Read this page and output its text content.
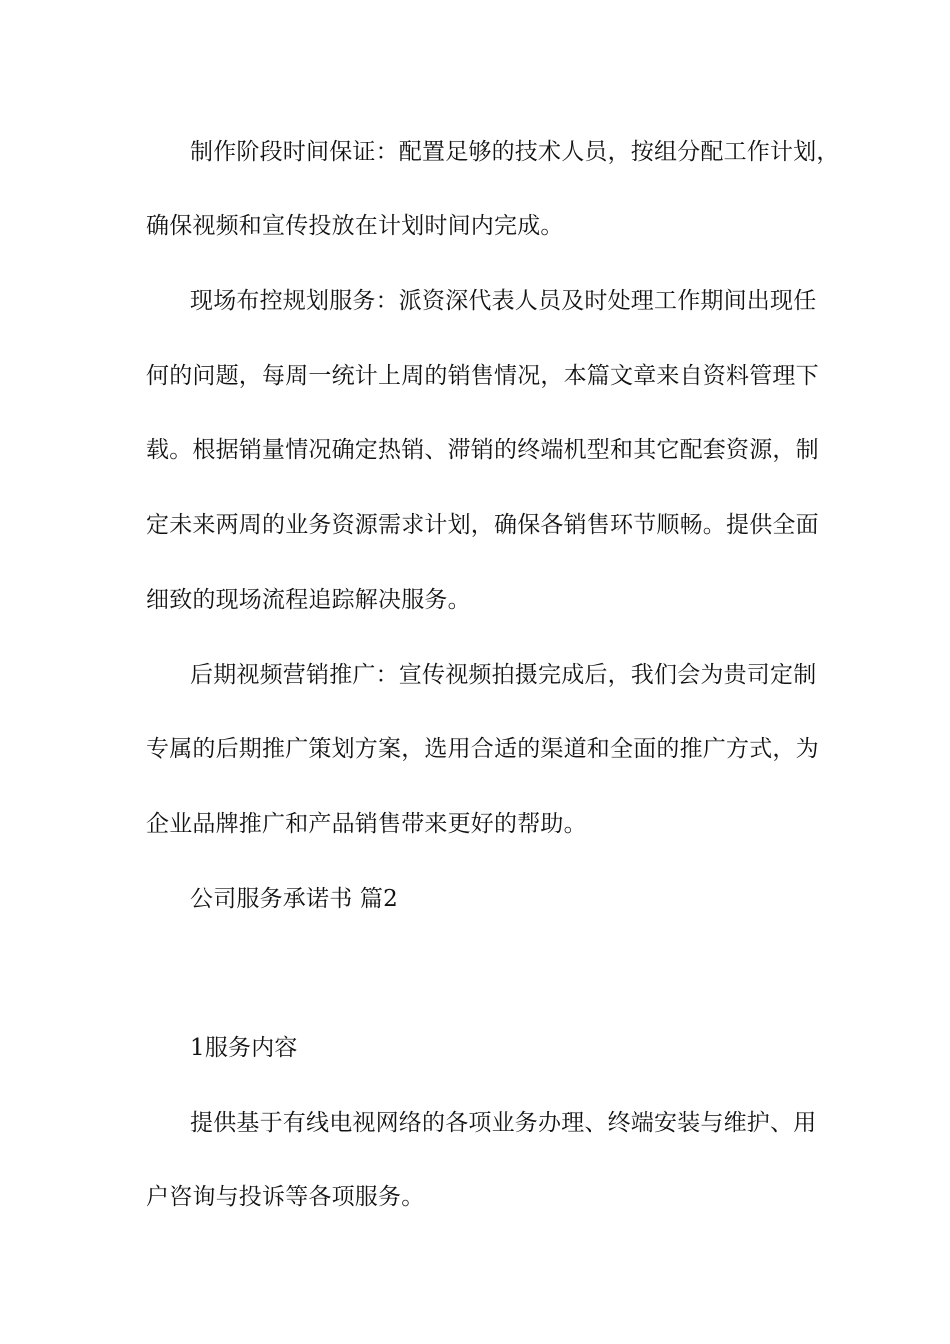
制作阶段时间保证：配置足够的技术人员，按组分配工作计划，
确保视频和宣传投放在计划时间内完成。
现场布控规划服务：派资深代表人员及时处理工作期间出现任
何的问题，每周一统计上周的销售情况，本篇文章来自资料管理下
载。根据销量情况确定热销、滞销的终端机型和其它配套资源，制
定未来两周的业务资源需求计划，确保各销售环节顺畅。提供全面
细致的现场流程追踪解决服务。
后期视频营销推广：宣传视频拍摄完成后，我们会为贵司定制
专属的后期推广策划方案，选用合适的渠道和全面的推广方式，为
企业品牌推广和产品销售带来更好的帮助。
公司服务承诺书 篇2
1服务内容
提供基于有线电视网络的各项业务办理、终端安装与维护、用
户咨询与投诉等各项服务。
